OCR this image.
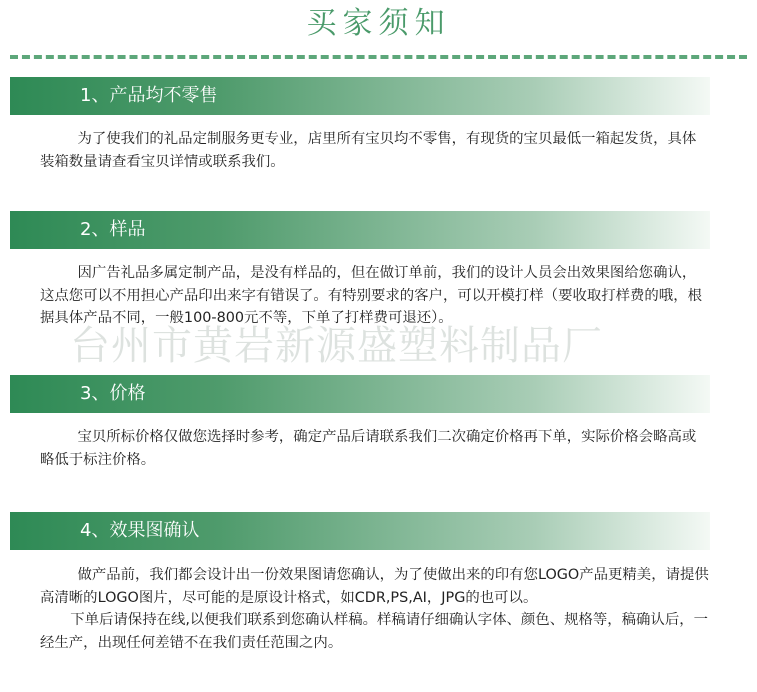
买家须知
1、产品均不零售

为了使我们的礼品定制服务更专业，店里所有宝贝均不零售，有现货的宝贝最低一箱起发货，具体装箱数量请查看宝贝详情或联系我们。

2、样品

因广告礼品多属定制产品，是没有样品的，但在做订单前，我们的设计人员会出效果图给您确认，这点您可以不用担心产品印出来字有错误了。有特别要求的客户，可以开模打样（要收取打样费的哦，根据具体产品不同，一般100-800元不等，下单了打样费可退还）。

台州市黄岩新源盛塑料制品厂
3、价格

宝贝所标价格仅做您选择时参考，确定产品后请联系我们二次确定价格再下单，实际价格会略高或略低于标注价格。

4、效果图确认

做产品前，我们都会设计出一份效果图请您确认，为了使做出来的印有您LOGO产品更精美，请提供高清晰的LOGO图片，尽可能的是原设计格式，如CDR,PS,AI，JPG的也可以。

下单后请保持在线,以便我们联系到您确认样稿。样稿请仔细确认字体、颜色、规格等，稿确认后，一经生产，出现任何差错不在我们责任范围之内。
